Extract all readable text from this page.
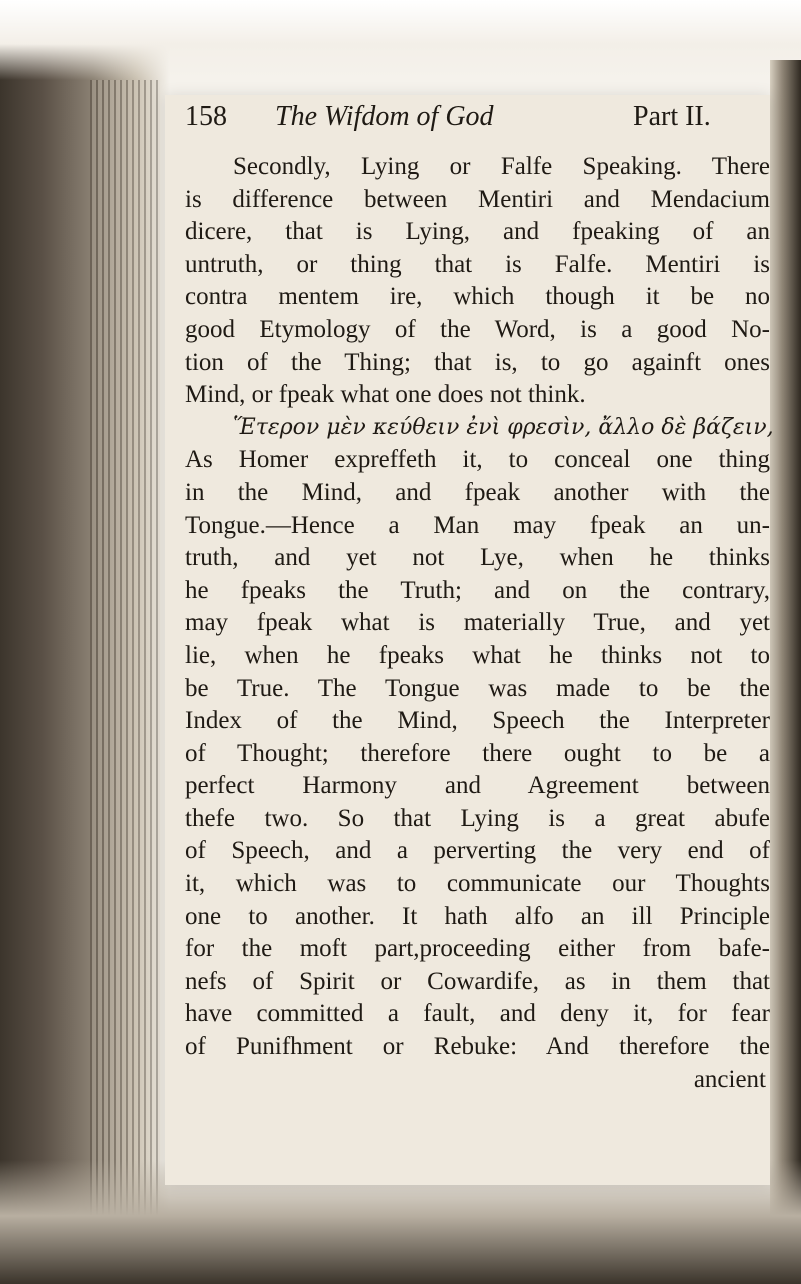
158 The Wifdom of God	Part II.
Secondly, Lying or Falfe Speaking. There
is difference between Mentiri and Mendacium
dicere, that is Lying, and fpeaking of an
untruth, or thing that is Falfe. Mentiri is
contra mentem ire, which though it be no
good Etymology of the Word, is a good No-
tion of the Thing; that is, to go againft ones
Mind, or fpeak what one does not think.
Ἕτερον μὲν κεύθειν ἐνὶ φρεσὶν, ἄλλο δὲ βάζειν,
As Homer expreffeth it, to conceal one thing
in the Mind, and fpeak another with the
Tongue.—Hence a Man may fpeak an un-
truth, and yet not Lye, when he thinks
he fpeaks the Truth; and on the contrary,
may fpeak what is materially True, and yet
lie, when he fpeaks what he thinks not to
be True. The Tongue was made to be the
Index of the Mind, Speech the Interpreter
of Thought; therefore there ought to be a
perfect Harmony and Agreement between
thefe two. So that Lying is a great abufe
of Speech, and a perverting the very end of
it, which was to communicate our Thoughts
one to another. It hath alfo an ill Principle
for the moft part,proceeding either from bafe-
nefs of Spirit or Cowardife, as in them that
have committed a fault, and deny it, for fear
of Punifhment or Rebuke: And therefore the
ancient
